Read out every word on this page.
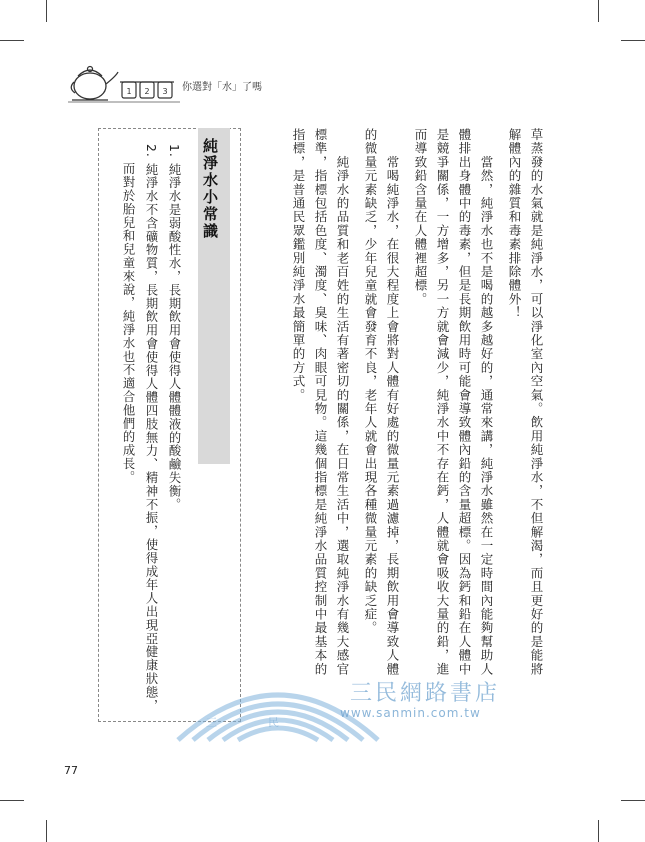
1 2 3 你選對「水」了嗎
草蒸發的水氣就是純淨水，可以淨化室內空氣。飲用純淨水，不但解渴，而且更好的是能將
解體內的雜質和毒素排除體外！
　　當然，純淨水也不是喝的越多越好的，通常來講，純淨水雖然在一定時間內能夠幫助人
體排出身體中的毒素，但是長期飲用時可能會導致體內鉛的含量超標。因為鈣和鉛在人體中
是競爭關係，一方增多，另一方就會減少，純淨水中不存在鈣，人體就會吸收大量的鉛，進
而導致鉛含量在人體裡超標。
　　常喝純淨水，在很大程度上會將對人體有好處的微量元素過濾掉，長期飲用會導致人體
的微量元素缺乏，少年兒童就會發育不良，老年人就會出現各種微量元素的缺乏症。
　　純淨水的品質和老百姓的生活有著密切的關係，在日常生活中，選取純淨水有幾大感官
標準，指標包括色度、濁度、臭味、肉眼可見物。這幾個指標是純淨水品質控制中最基本的
指標，是普通民眾鑑別純淨水最簡單的方式。
純淨水小常識
1. 純淨水是弱酸性水，長期飲用會使得人體體液的酸鹼失衡。
2. 純淨水不含礦物質，長期飲用會使得人體四肢無力、精神不振，使得成年人出現亞健康狀態，
　 而對於胎兒和兒童來說，純淨水也不適合他們的成長。
三	民
三民網路書店
www.sanmin.com.tw
77
